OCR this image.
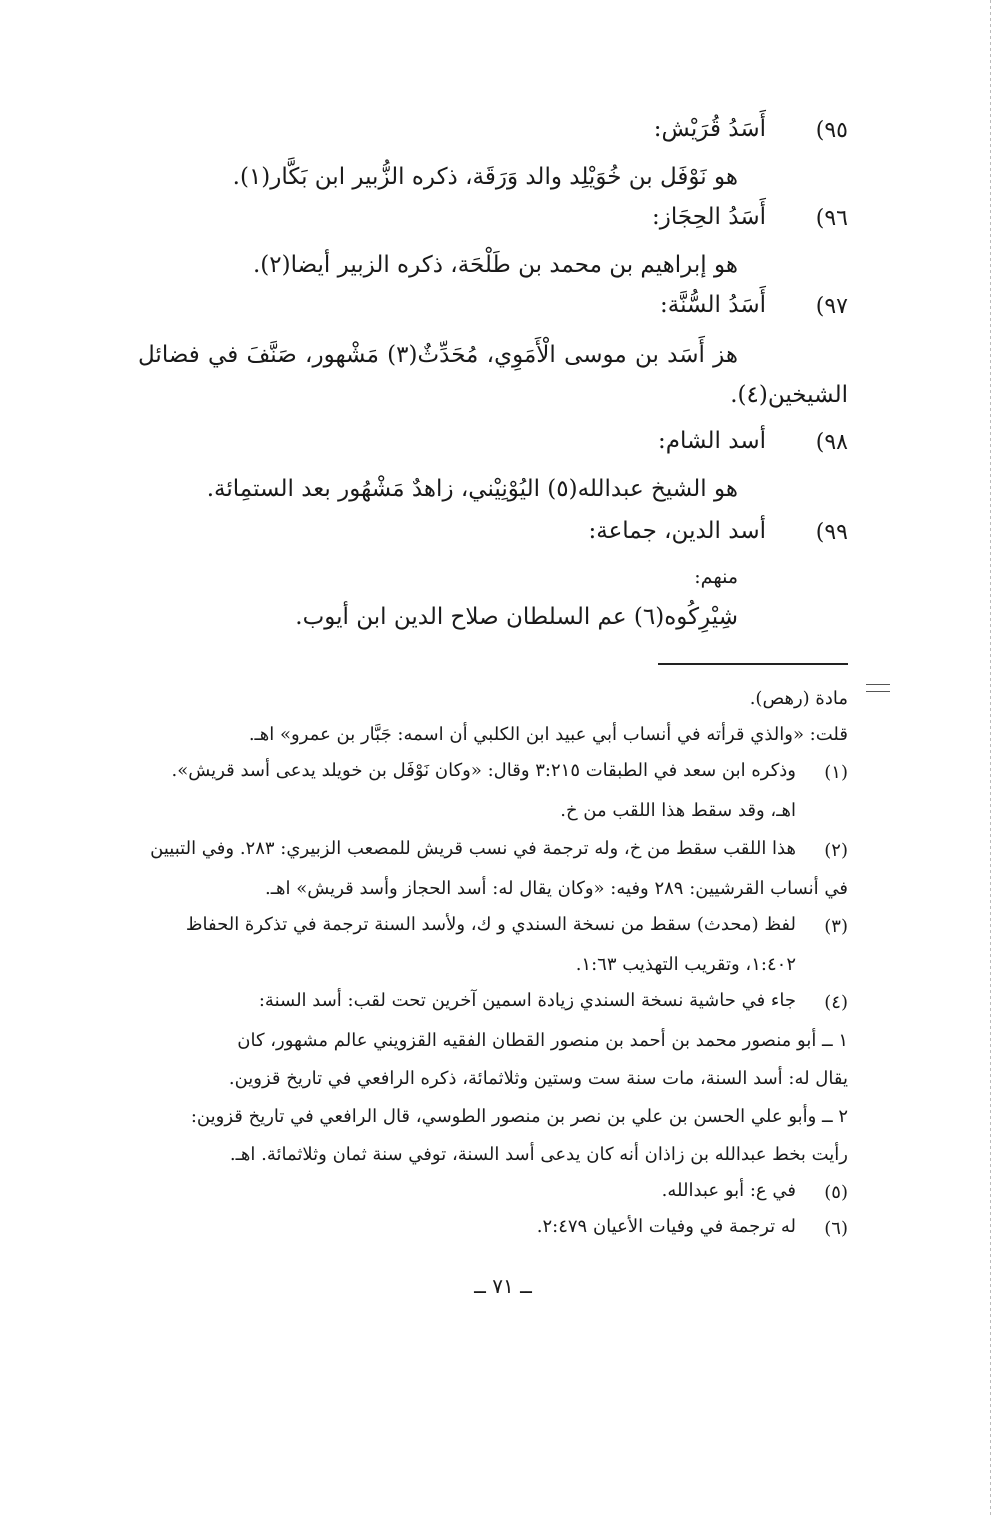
٩٥)
أَسَدُ قُرَيْش:
هو نَوْفَل بن خُوَيْلِد والد وَرَقَة، ذكره الزُّبير ابن بَكَّار(١).
٩٦)
أَسَدُ الحِجَاز:
هو إبراهيم بن محمد بن طَلْحَة، ذكره الزبير أيضا(٢).
٩٧)
أَسَدُ السُّنَّة:
هز أَسَد بن موسى الْأَمَوِي، مُحَدِّثٌ(٣) مَشْهور، صَنَّفَ في فضائل
الشيخين(٤).
٩٨)
أسد الشام:
هو الشيخ عبدالله(٥) اليُوْنِيْني، زاهدٌ مَشْهُور بعد الستمِائة.
٩٩)
أسد الدين، جماعة:
منهم:
شِيْرِكُوه(٦) عم السلطان صلاح الدين ابن أيوب.
مادة (رهص).
قلت: «والذي قرأته في أنساب أبي عبيد ابن الكلبي أن اسمه: جَبَّار بن عمرو» اهـ.
(١)
وذكره ابن سعد في الطبقات ٣:٢١٥ وقال: «وكان نَوْفَل بن خويلد يدعى أسد قريش».
اهـ، وقد سقط هذا اللقب من خ.
(٢)
هذا اللقب سقط من خ، وله ترجمة في نسب قريش للمصعب الزبيري: ٢٨٣. وفي التبيين
في أنساب القرشيين: ٢٨٩ وفيه: «وكان يقال له: أسد الحجاز وأسد قريش» اهـ.
(٣)
لفظ (محدث) سقط من نسخة السندي و ك، ولأسد السنة ترجمة في تذكرة الحفاظ
١:٤٠٢، وتقريب التهذيب ١:٦٣.
(٤)
جاء في حاشية نسخة السندي زيادة اسمين آخرين تحت لقب: أسد السنة:
١ ــ أبو منصور محمد بن أحمد بن منصور القطان الفقيه القزويني عالم مشهور، كان
يقال له: أسد السنة، مات سنة ست وستين وثلاثمائة، ذكره الرافعي في تاريخ قزوين.
٢ ــ وأبو علي الحسن بن علي بن نصر بن منصور الطوسي، قال الرافعي في تاريخ قزوين:
رأيت بخط عبدالله بن زاذان أنه كان يدعى أسد السنة، توفي سنة ثمان وثلاثمائة. اهـ.
(٥)
في ع: أبو عبدالله.
(٦)
له ترجمة في وفيات الأعيان ٢:٤٧٩.
ــ ٧١ ــ
